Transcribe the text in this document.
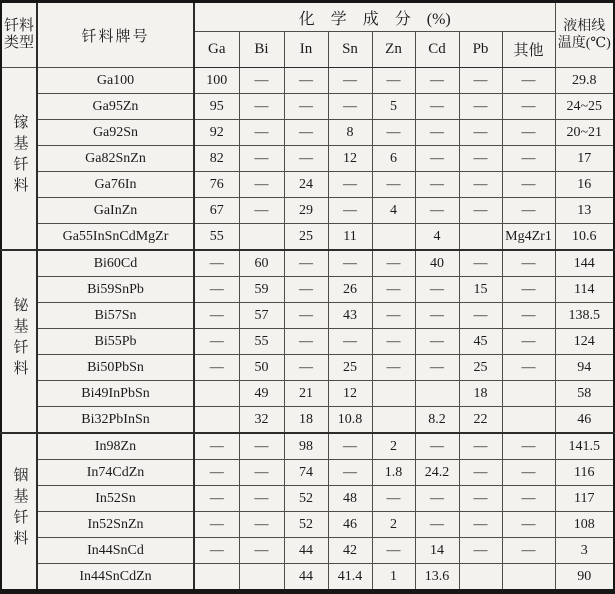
钎料类型	钎料牌号	化 学 成 分 (%)								液相线
温度(℃)

		Ga	Bi	In	Sn	Zn	Cd	Pb	其他	
镓基钎料	Ga100	100	—	—	—	—	—	—	—	29.8
	Ga95Zn	95	—	—	—	5	—	—	—	24~25
	Ga92Sn	92	—	—	8	—	—	—	—	20~21
	Ga82SnZn	82	—	—	12	6	—	—	—	17
	Ga76In	76	—	24	—	—	—	—	—	16
	GaInZn	67	—	29	—	4	—	—	—	13
	Ga55InSnCdMgZr	55		25	11		4		Mg4Zr1	10.6
铋基钎料	Bi60Cd	—	60	—	—	—	40	—	—	144
	Bi59SnPb	—	59	—	26	—	—	15	—	114
	Bi57Sn	—	57	—	43	—	—	—	—	138.5
	Bi55Pb	—	55	—	—	—	—	45	—	124
	Bi50PbSn	—	50	—	25	—	—	25	—	94
	Bi49InPbSn		49	21	12			18		58
	Bi32PbInSn		32	18	10.8		8.2	22		46
铟基钎料	In98Zn	—	—	98	—	2	—	—	—	141.5
	In74CdZn	—	—	74	—	1.8	24.2	—	—	116
	In52Sn	—	—	52	48	—	—	—	—	117
	In52SnZn	—	—	52	46	2	—	—	—	108
	In44SnCd	—	—	44	42	—	14	—	—	3
	In44SnCdZn			44	41.4	1	13.6			90
